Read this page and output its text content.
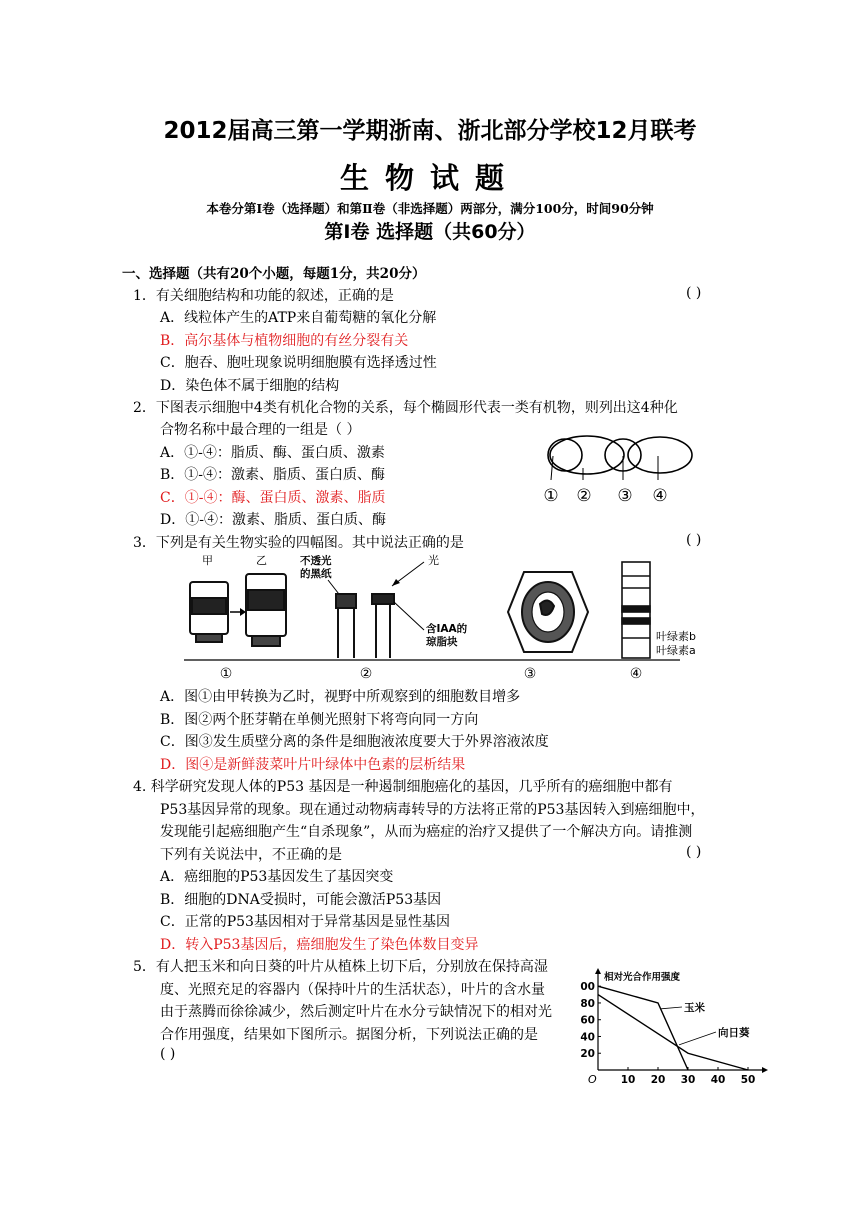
2012届高三第一学期浙南、浙北部分学校12月联考
生物试题
本卷分第Ⅰ卷（选择题）和第Ⅱ卷（非选择题）两部分，满分100分，时间90分钟
第Ⅰ卷 选择题（共60分）
一、选择题（共有20个小题，每题1分，共20分）
1．有关细胞结构和功能的叙述，正确的是	( )
A．线粒体产生的ATP来自葡萄糖的氧化分解
B．高尔基体与植物细胞的有丝分裂有关
C．胞吞、胞吐现象说明细胞膜有选择透过性
D．染色体不属于细胞的结构
2．下图表示细胞中4类有机化合物的关系，每个椭圆形代表一类有机物，则列出这4种化
合物名称中最合理的一组是（ ）
A．①-④：脂质、酶、蛋白质、激素
B．①-④：激素、脂质、蛋白质、酶
C．①-④：酶、蛋白质、激素、脂质
D．①-④：激素、脂质、蛋白质、酶
① ② ③ ④
3．下列是有关生物实验的四幅图。其中说法正确的是	( )
甲	乙	不透光
的黑纸
光
含IAA的
琼脂块	叶绿素b
叶绿素a
①	②	③	④
A．图①由甲转换为乙时，视野中所观察到的细胞数目增多
B．图②两个胚芽鞘在单侧光照射下将弯向同一方向
C．图③发生质壁分离的条件是细胞液浓度要大于外界溶液浓度
D．图④是新鲜菠菜叶片叶绿体中色素的层析结果
4. 科学研究发现人体的P53 基因是一种遏制细胞癌化的基因，几乎所有的癌细胞中都有
P53基因异常的现象。现在通过动物病毒转导的方法将正常的P53基因转入到癌细胞中，
发现能引起癌细胞产生“自杀现象”，从而为癌症的治疗又提供了一个解决方向。请推测
下列有关说法中，不正确的是	( )
A．癌细胞的P53基因发生了基因突变
B．细胞的DNA受损时，可能会激活P53基因
C．正常的P53基因相对于异常基因是显性基因
D．转入P53基因后，癌细胞发生了染色体数目变异
5．有人把玉米和向日葵的叶片从植株上切下后，分别放在保持高湿
度、光照充足的容器内（保持叶片的生活状态），叶片的含水量
由于蒸腾而徐徐减少，然后测定叶片在水分亏缺情况下的相对光
合作用强度，结果如下图所示。据图分析，下列说法正确的是
( )
相对光合作用强度
O 10 20 30 40 50
20
40
60
80
00
玉米
向日葵
